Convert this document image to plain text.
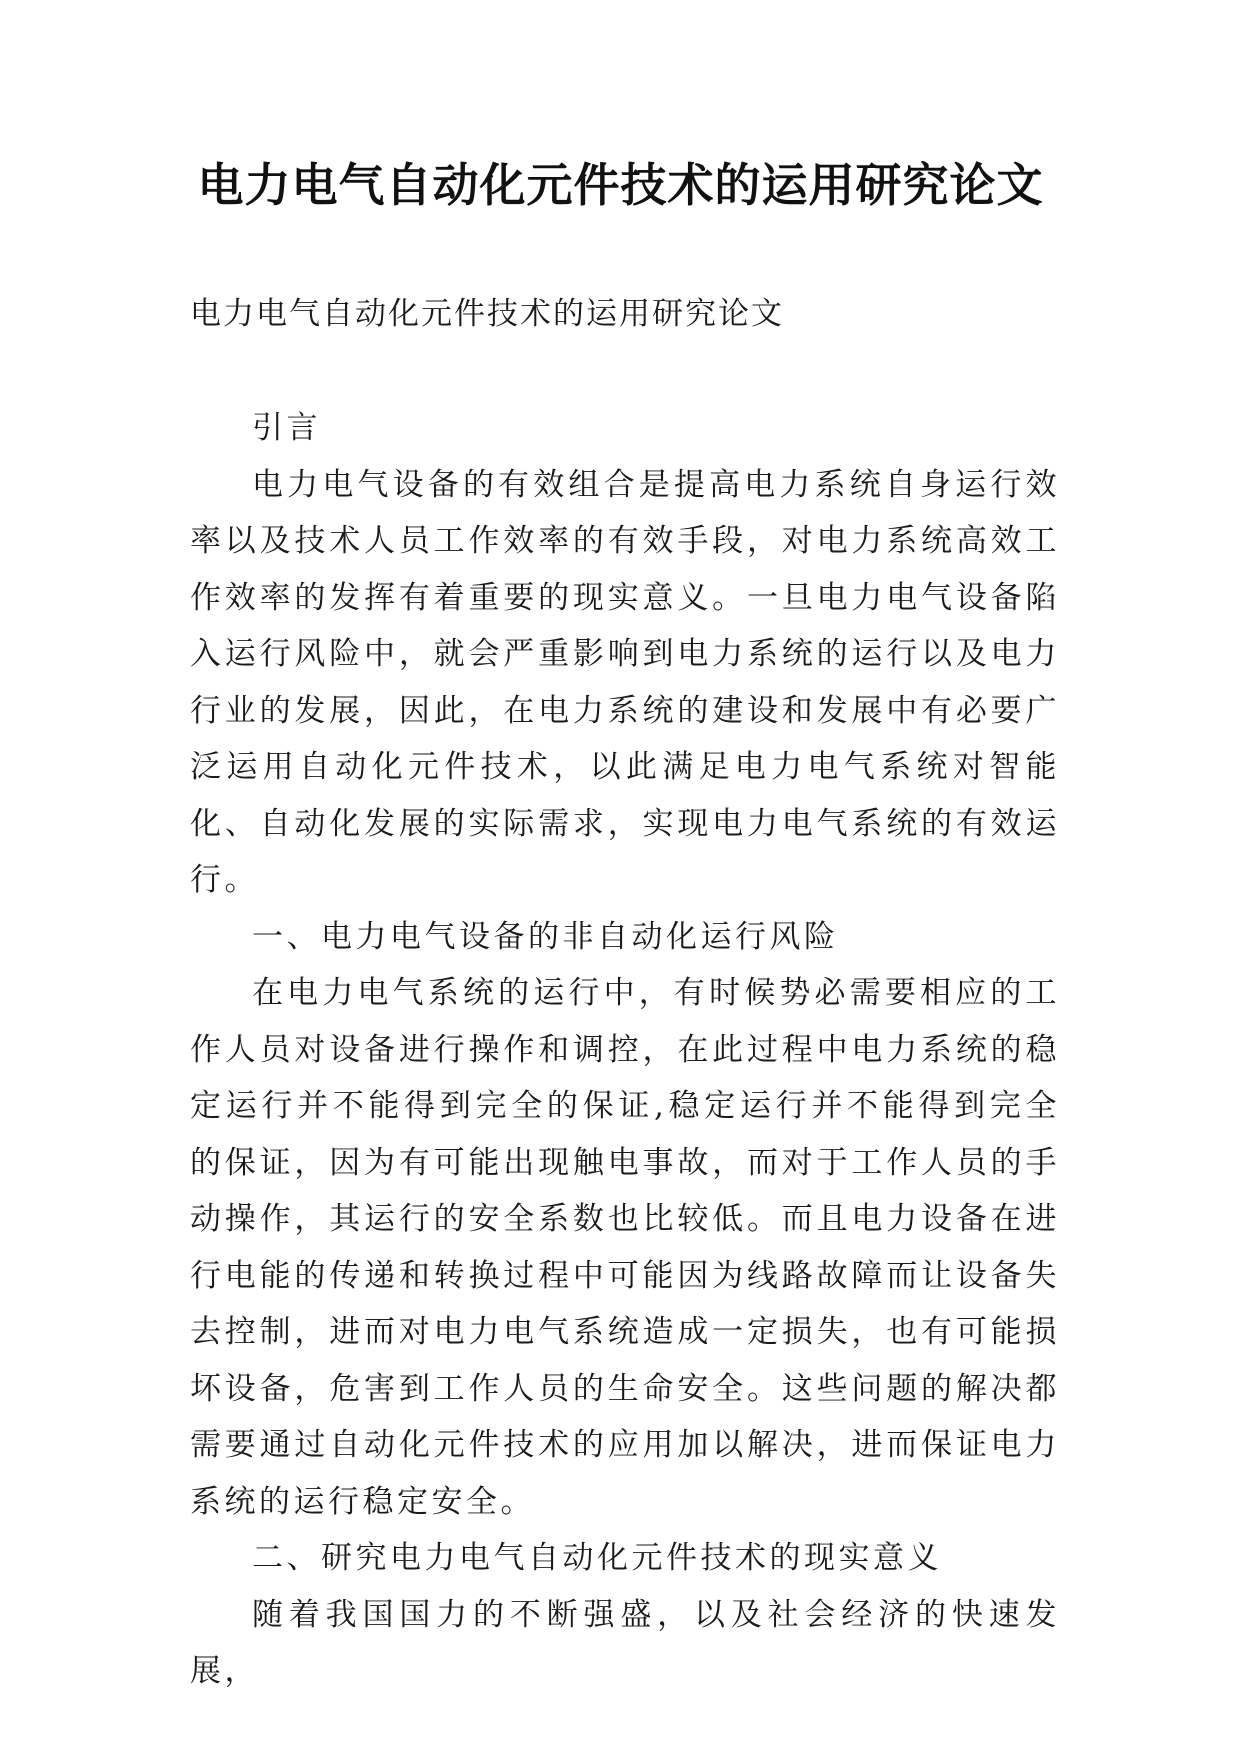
电力电气自动化元件技术的运用研究论文

电力电气自动化元件技术的运用研究论文

引言

电力电气设备的有效组合是提高电力系统自身运行效率以及技术人员工作效率的有效手段，对电力系统高效工作效率的发挥有着重要的现实意义。一旦电力电气设备陷入运行风险中，就会严重影响到电力系统的运行以及电力行业的发展，因此，在电力系统的建设和发展中有必要广泛运用自动化元件技术，以此满足电力电气系统对智能化、自动化发展的实际需求，实现电力电气系统的有效运行。

一、电力电气设备的非自动化运行风险

在电力电气系统的运行中，有时候势必需要相应的工作人员对设备进行操作和调控，在此过程中电力系统的稳定运行并不能得到完全的保证,稳定运行并不能得到完全的保证，因为有可能出现触电事故，而对于工作人员的手动操作，其运行的安全系数也比较低。而且电力设备在进行电能的传递和转换过程中可能因为线路故障而让设备失去控制，进而对电力电气系统造成一定损失，也有可能损坏设备，危害到工作人员的生命安全。这些问题的解决都需要通过自动化元件技术的应用加以解决，进而保证电力系统的运行稳定安全。

二、研究电力电气自动化元件技术的现实意义

随着我国国力的不断强盛，以及社会经济的快速发展，
